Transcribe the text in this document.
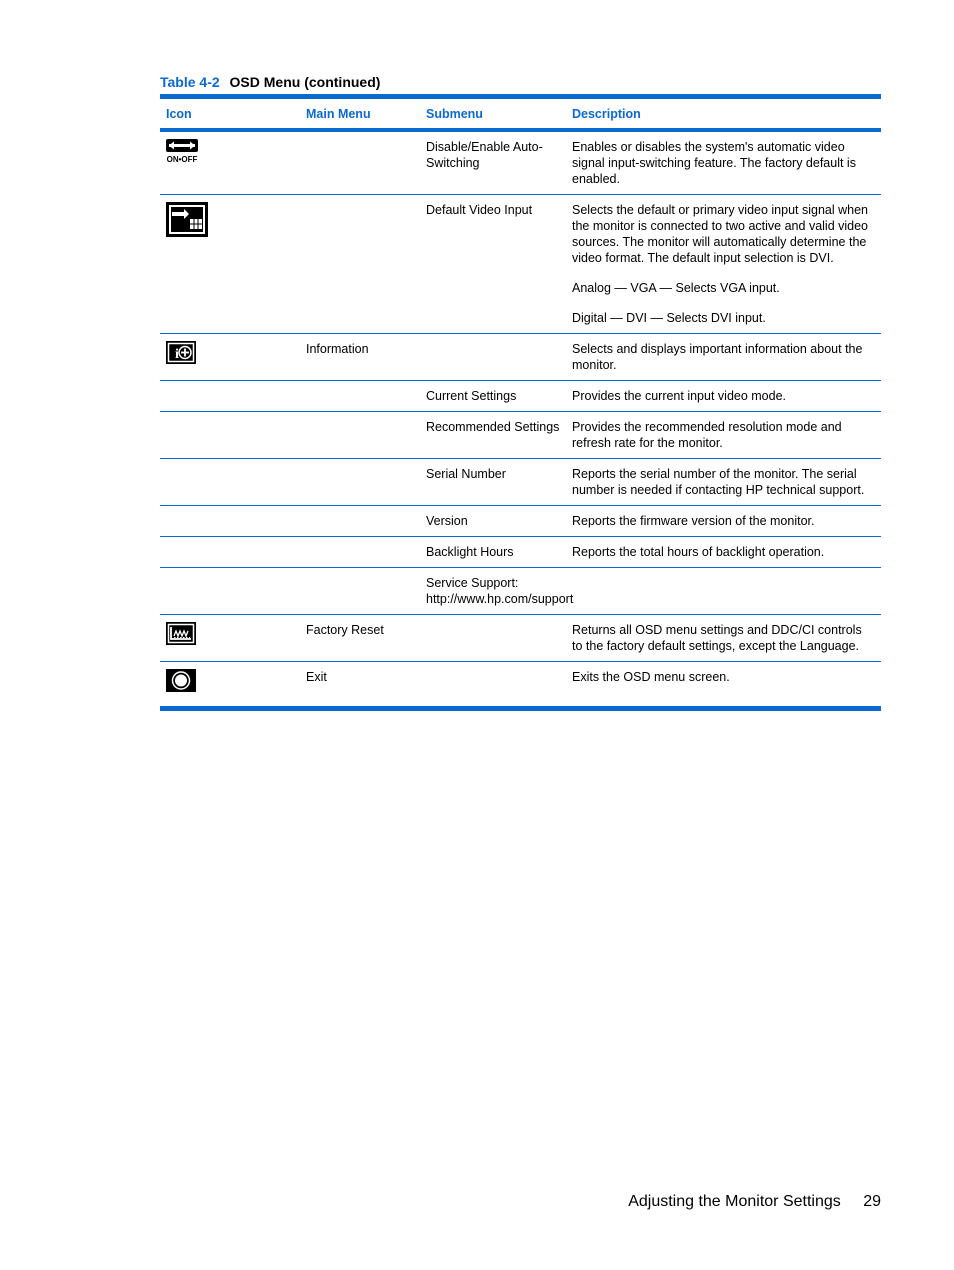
Table 4-2 OSD Menu (continued)
Icon	Main Menu	Submenu	Description

ON•OFF		Disable/Enable Auto-Switching	Enables or disables the system's automatic video signal input-switching feature. The factory default is enabled.

		Default Video Input	Selects the default or primary video input signal when the monitor is connected to two active and valid video sources. The monitor will automatically determine the video format. The default input selection is DVI.

Analog — VGA — Selects VGA input.

Digital — DVI — Selects DVI input.

i	Information		Selects and displays important information about the monitor.

		Current Settings	Provides the current input video mode.

		Recommended Settings	Provides the recommended resolution mode and refresh rate for the monitor.

		Serial Number	Reports the serial number of the monitor. The serial number is needed if contacting HP technical support.

		Version	Reports the firmware version of the monitor.

		Backlight Hours	Reports the total hours of backlight operation.

		Service Support: http://www.hp.com/support	

	Factory Reset		Returns all OSD menu settings and DDC/CI controls to the factory default settings, except the Language.

	Exit		Exits the OSD menu screen.

Adjusting the Monitor Settings 29
